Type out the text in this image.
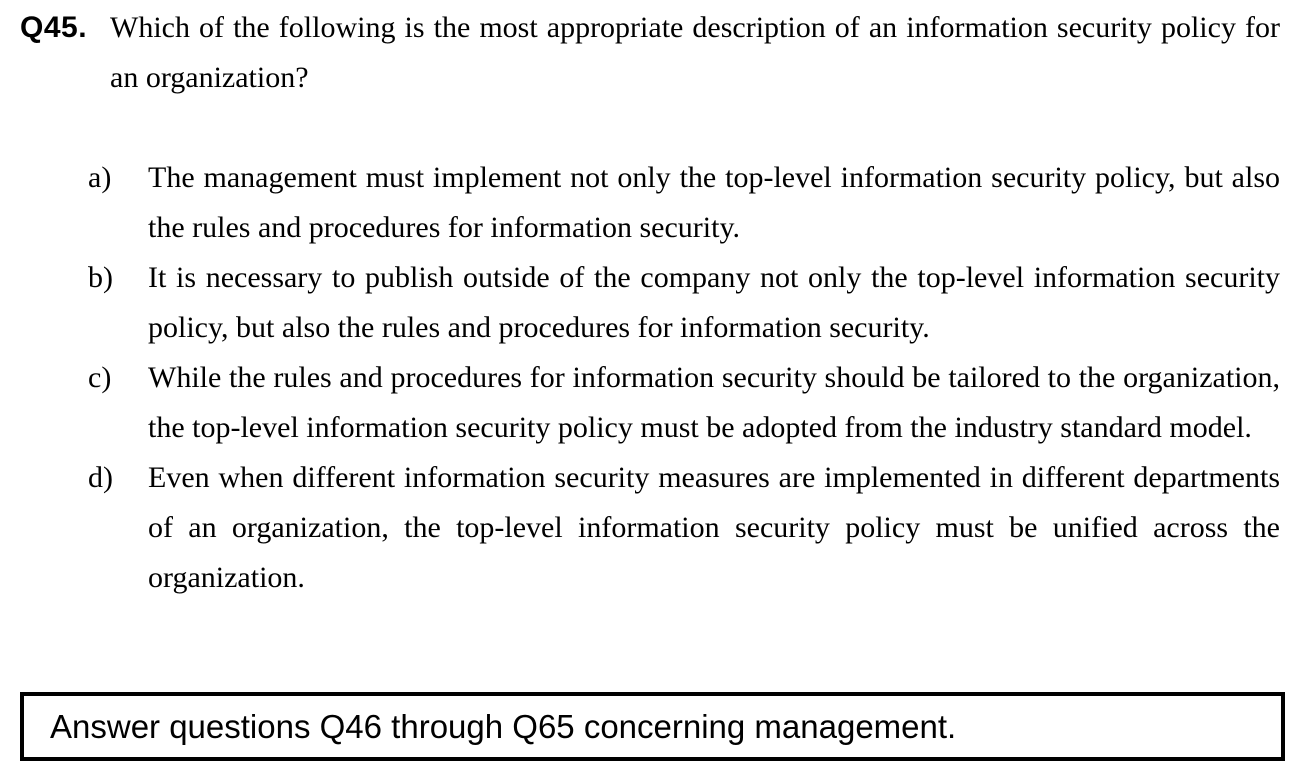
Q45. Which of the following is the most appropriate description of an information security policy for an organization?
a) The management must implement not only the top-level information security policy, but also the rules and procedures for information security.
b) It is necessary to publish outside of the company not only the top-level information security policy, but also the rules and procedures for information security.
c) While the rules and procedures for information security should be tailored to the organization, the top-level information security policy must be adopted from the industry standard model.
d) Even when different information security measures are implemented in different departments of an organization, the top-level information security policy must be unified across the organization.
Answer questions Q46 through Q65 concerning management.
